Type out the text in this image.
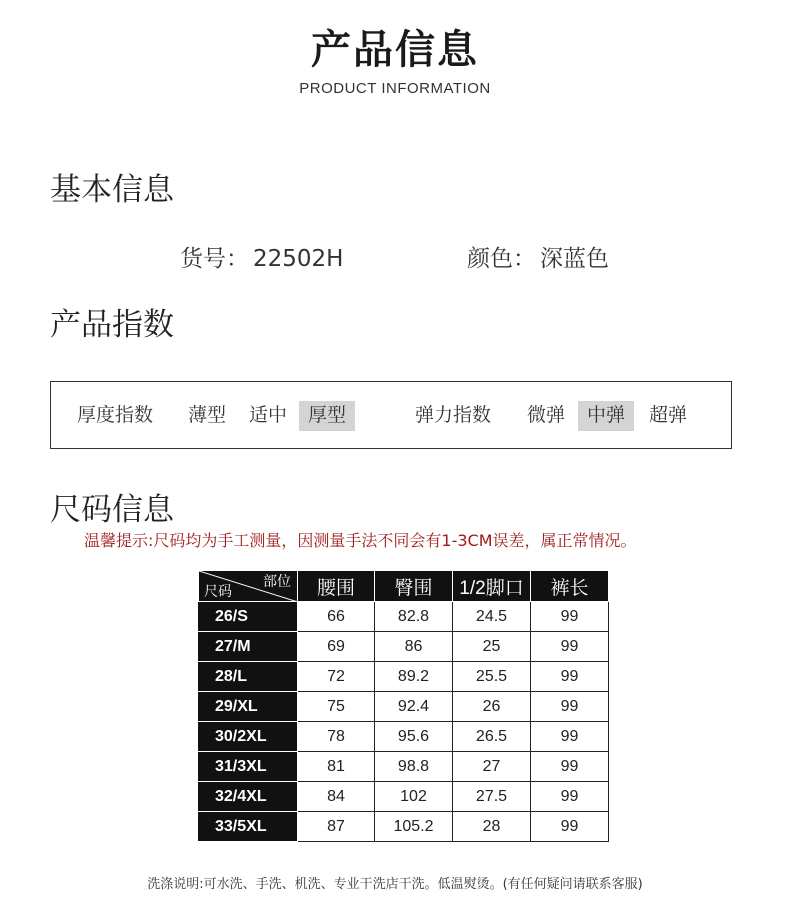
产品信息
PRODUCT INFORMATION
基本信息
货号： 22502H	颜色： 深蓝色
产品指数
厚度指数 薄型 适中	厚型	弹力指数 微弹	中弹	超弹
尺码信息
温馨提示:尺码均为手工测量，因测量手法不同会有1-3CM误差，属正常情况。
部位
尺码	腰围	臀围	1/2脚口	裤长
26/S	66	82.8	24.5	99
27/M	69	86	25	99
28/L	72	89.2	25.5	99
29/XL	75	92.4	26	99
30/2XL	78	95.6	26.5	99
31/3XL	81	98.8	27	99
32/4XL	84	102	27.5	99
33/5XL	87	105.2	28	99
洗涤说明:可水洗、手洗、机洗、专业干洗店干洗。低温熨烫。(有任何疑问请联系客服)
